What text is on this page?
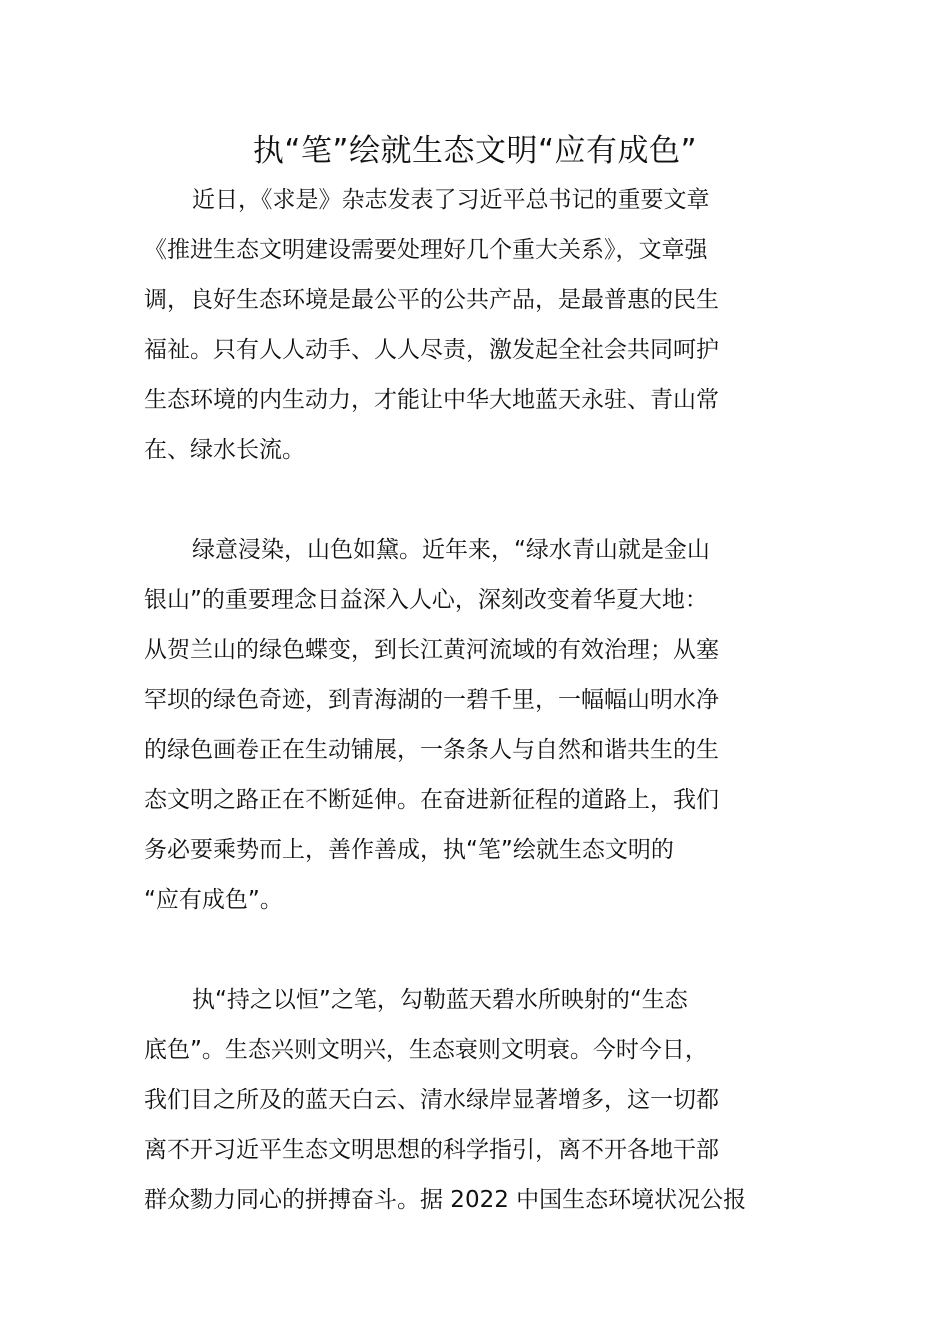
执“笔”绘就生态文明“应有成色”
近日，《求是》杂志发表了习近平总书记的重要文章
《推进生态文明建设需要处理好几个重大关系》，文章强
调，良好生态环境是最公平的公共产品，是最普惠的民生
福祉。只有人人动手、人人尽责，激发起全社会共同呵护
生态环境的内生动力，才能让中华大地蓝天永驻、青山常
在、绿水长流。
绿意浸染，山色如黛。近年来，“绿水青山就是金山
银山”的重要理念日益深入人心，深刻改变着华夏大地：
从贺兰山的绿色蝶变，到长江黄河流域的有效治理；从塞
罕坝的绿色奇迹，到青海湖的一碧千里，一幅幅山明水净
的绿色画卷正在生动铺展，一条条人与自然和谐共生的生
态文明之路正在不断延伸。在奋进新征程的道路上，我们
务必要乘势而上，善作善成，执“笔”绘就生态文明的
“应有成色”。
执“持之以恒”之笔，勾勒蓝天碧水所映射的“生态
底色”。生态兴则文明兴，生态衰则文明衰。今时今日，
我们目之所及的蓝天白云、清水绿岸显著增多，这一切都
离不开习近平生态文明思想的科学指引，离不开各地干部
群众勠力同心的拼搏奋斗。据 2022 中国生态环境状况公报
